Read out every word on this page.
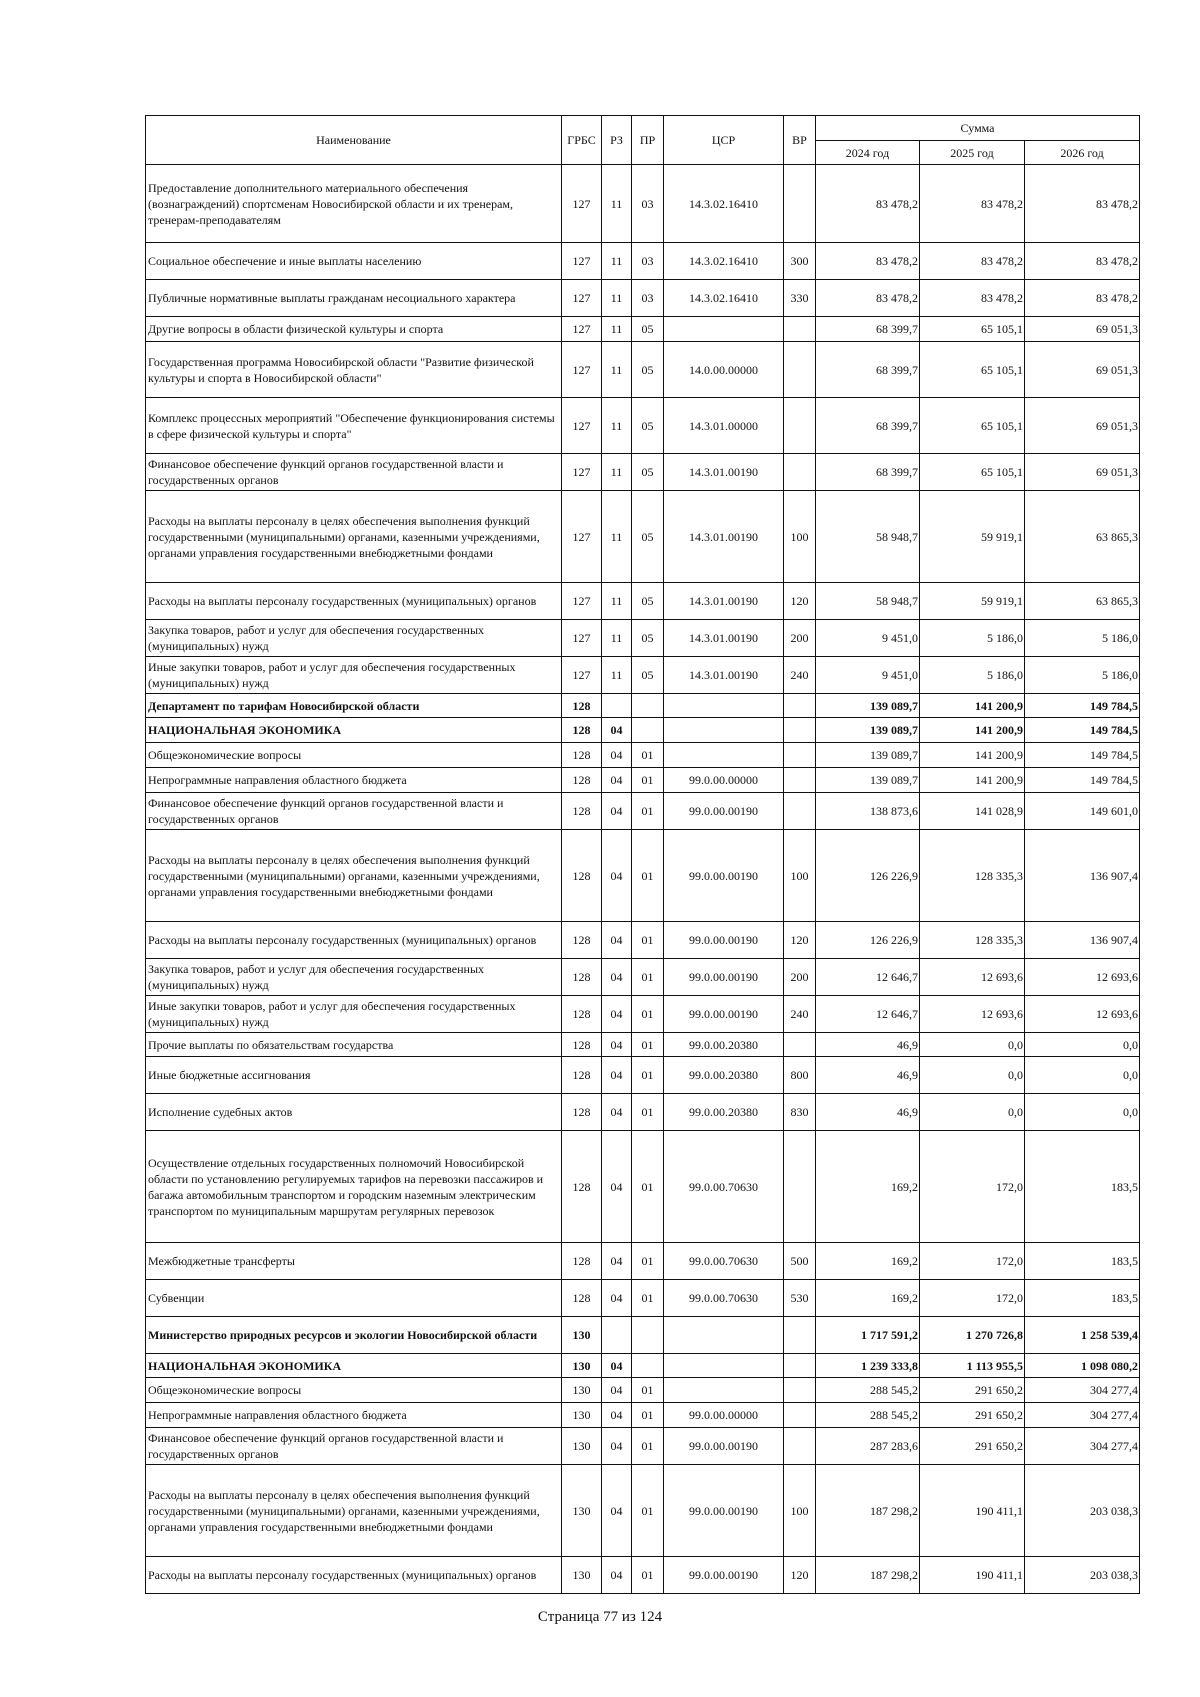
Наименование	ГРБС	РЗ	ПР	ЦСР	ВР	Сумма		
						2024 год	2025 год	2026 год
Предоставление дополнительного материального обеспечения (вознаграждений) спортсменам Новосибирской области и их тренерам, тренерам-преподавателям	127	11	03	14.3.02.16410		83 478,2	83 478,2	83 478,2
Социальное обеспечение и иные выплаты населению	127	11	03	14.3.02.16410	300	83 478,2	83 478,2	83 478,2
Публичные нормативные выплаты гражданам несоциального характера	127	11	03	14.3.02.16410	330	83 478,2	83 478,2	83 478,2
Другие вопросы в области физической культуры и спорта	127	11	05			68 399,7	65 105,1	69 051,3
Государственная программа Новосибирской области "Развитие физической культуры и спорта в Новосибирской области"	127	11	05	14.0.00.00000		68 399,7	65 105,1	69 051,3
Комплекс процессных мероприятий "Обеспечение функционирования системы в сфере физической культуры и спорта"	127	11	05	14.3.01.00000		68 399,7	65 105,1	69 051,3
Финансовое обеспечение функций органов государственной власти и государственных органов	127	11	05	14.3.01.00190		68 399,7	65 105,1	69 051,3
Расходы на выплаты персоналу в целях обеспечения выполнения функций государственными (муниципальными) органами, казенными учреждениями, органами управления государственными внебюджетными фондами	127	11	05	14.3.01.00190	100	58 948,7	59 919,1	63 865,3
Расходы на выплаты персоналу государственных (муниципальных) органов	127	11	05	14.3.01.00190	120	58 948,7	59 919,1	63 865,3
Закупка товаров, работ и услуг для обеспечения государственных (муниципальных) нужд	127	11	05	14.3.01.00190	200	9 451,0	5 186,0	5 186,0
Иные закупки товаров, работ и услуг для обеспечения государственных (муниципальных) нужд	127	11	05	14.3.01.00190	240	9 451,0	5 186,0	5 186,0
Департамент по тарифам Новосибирской области	128					139 089,7	141 200,9	149 784,5
НАЦИОНАЛЬНАЯ ЭКОНОМИКА	128	04				139 089,7	141 200,9	149 784,5
Общеэкономические вопросы	128	04	01			139 089,7	141 200,9	149 784,5
Непрограммные направления областного бюджета	128	04	01	99.0.00.00000		139 089,7	141 200,9	149 784,5
Финансовое обеспечение функций органов государственной власти и государственных органов	128	04	01	99.0.00.00190		138 873,6	141 028,9	149 601,0
Расходы на выплаты персоналу в целях обеспечения выполнения функций государственными (муниципальными) органами, казенными учреждениями, органами управления государственными внебюджетными фондами	128	04	01	99.0.00.00190	100	126 226,9	128 335,3	136 907,4
Расходы на выплаты персоналу государственных (муниципальных) органов	128	04	01	99.0.00.00190	120	126 226,9	128 335,3	136 907,4
Закупка товаров, работ и услуг для обеспечения государственных (муниципальных) нужд	128	04	01	99.0.00.00190	200	12 646,7	12 693,6	12 693,6
Иные закупки товаров, работ и услуг для обеспечения государственных (муниципальных) нужд	128	04	01	99.0.00.00190	240	12 646,7	12 693,6	12 693,6
Прочие выплаты по обязательствам государства	128	04	01	99.0.00.20380		46,9	0,0	0,0
Иные бюджетные ассигнования	128	04	01	99.0.00.20380	800	46,9	0,0	0,0
Исполнение судебных актов	128	04	01	99.0.00.20380	830	46,9	0,0	0,0
Осуществление отдельных государственных полномочий Новосибирской области по установлению регулируемых тарифов на перевозки пассажиров и багажа автомобильным транспортом и городским наземным электрическим транспортом по муниципальным маршрутам регулярных перевозок	128	04	01	99.0.00.70630		169,2	172,0	183,5
Межбюджетные трансферты	128	04	01	99.0.00.70630	500	169,2	172,0	183,5
Субвенции	128	04	01	99.0.00.70630	530	169,2	172,0	183,5
Министерство природных ресурсов и экологии Новосибирской области	130					1 717 591,2	1 270 726,8	1 258 539,4
НАЦИОНАЛЬНАЯ ЭКОНОМИКА	130	04				1 239 333,8	1 113 955,5	1 098 080,2
Общеэкономические вопросы	130	04	01			288 545,2	291 650,2	304 277,4
Непрограммные направления областного бюджета	130	04	01	99.0.00.00000		288 545,2	291 650,2	304 277,4
Финансовое обеспечение функций органов государственной власти и государственных органов	130	04	01	99.0.00.00190		287 283,6	291 650,2	304 277,4
Расходы на выплаты персоналу в целях обеспечения выполнения функций государственными (муниципальными) органами, казенными учреждениями, органами управления государственными внебюджетными фондами	130	04	01	99.0.00.00190	100	187 298,2	190 411,1	203 038,3
Расходы на выплаты персоналу государственных (муниципальных) органов	130	04	01	99.0.00.00190	120	187 298,2	190 411,1	203 038,3
Страница 77 из 124
